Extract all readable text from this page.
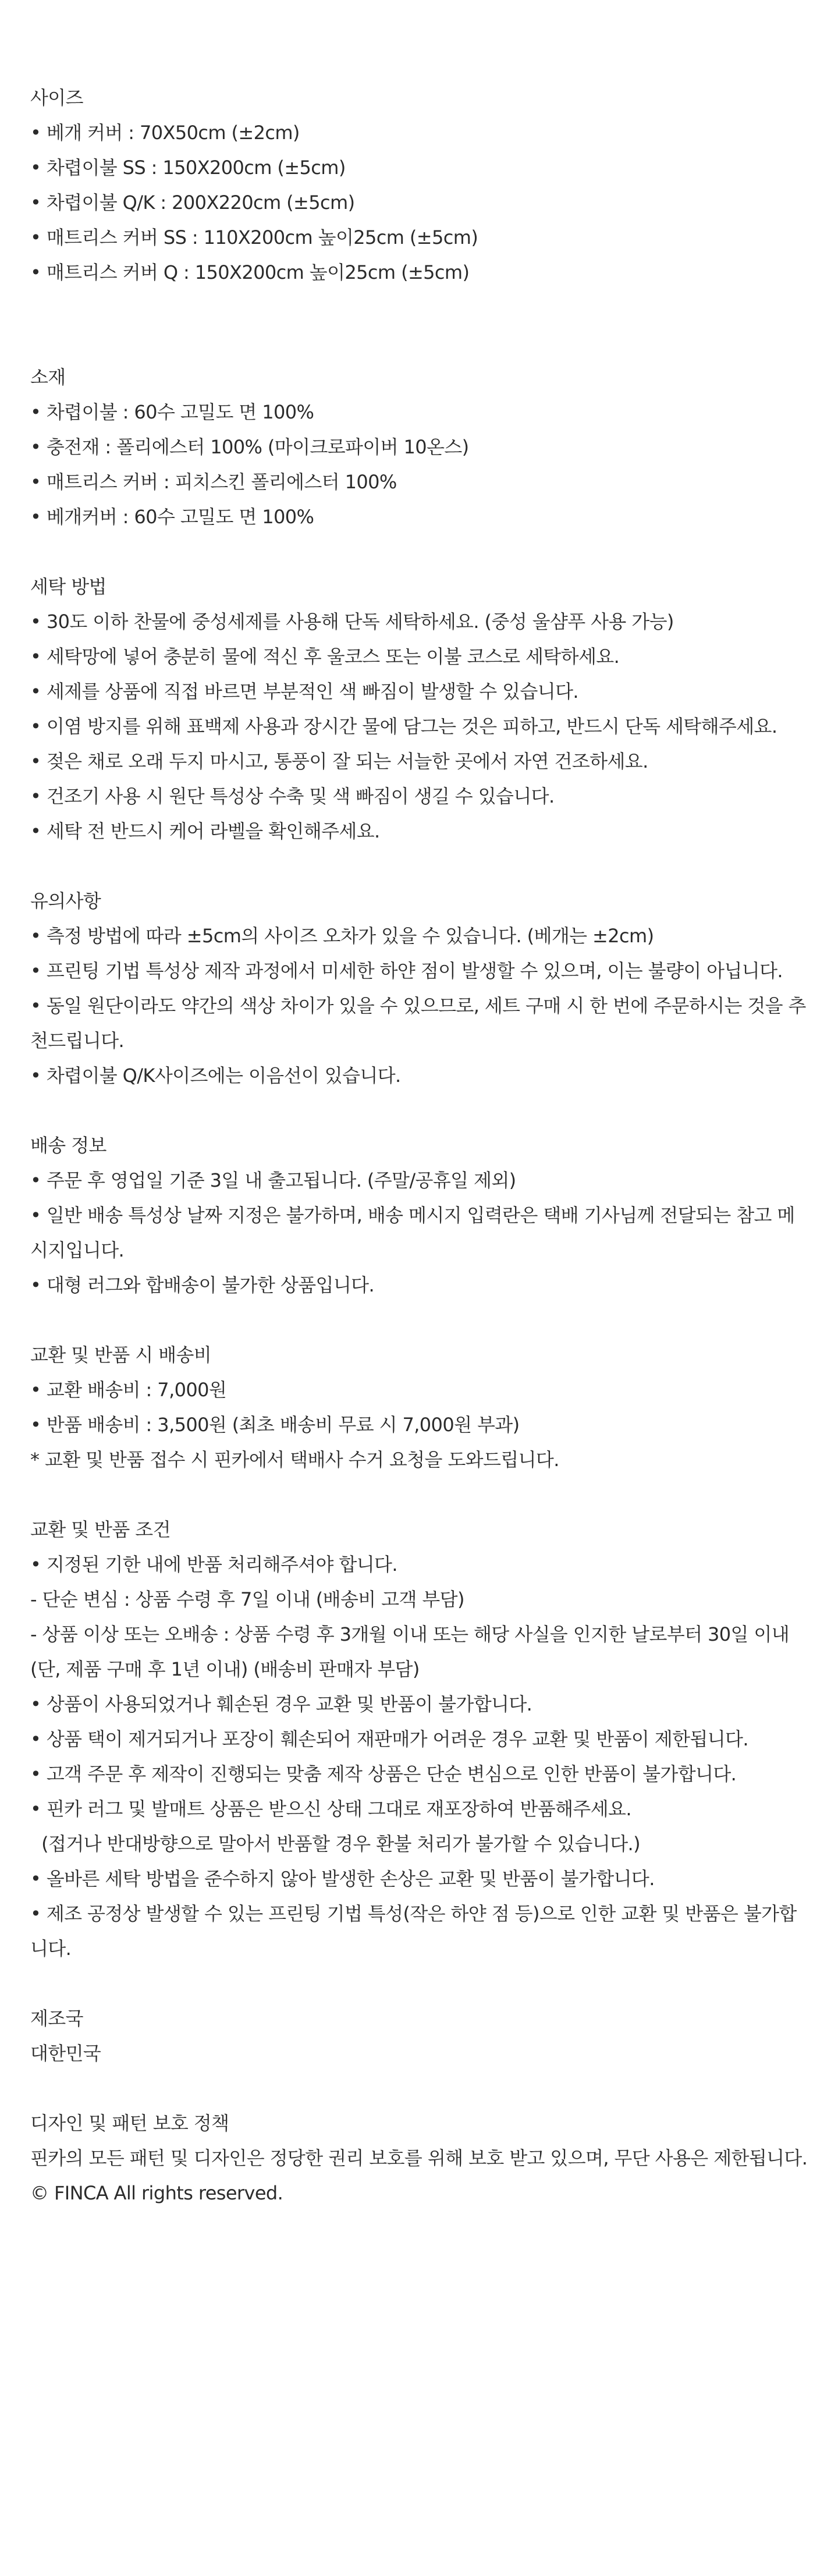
사이즈
• 베개 커버 : 70X50cm (±2cm)
• 차렵이불 SS : 150X200cm (±5cm)
• 차렵이불 Q/K : 200X220cm (±5cm)
• 매트리스 커버 SS : 110X200cm 높이25cm (±5cm)
• 매트리스 커버 Q : 150X200cm 높이25cm (±5cm)
소재
• 차렵이불 : 60수 고밀도 면 100%
• 충전재 : 폴리에스터 100% (마이크로파이버 10온스)
• 매트리스 커버 : 피치스킨 폴리에스터 100%
• 베개커버 : 60수 고밀도 면 100%
세탁 방법
• 30도 이하 찬물에 중성세제를 사용해 단독 세탁하세요. (중성 울샴푸 사용 가능)
• 세탁망에 넣어 충분히 물에 적신 후 울코스 또는 이불 코스로 세탁하세요.
• 세제를 상품에 직접 바르면 부분적인 색 빠짐이 발생할 수 있습니다.
• 이염 방지를 위해 표백제 사용과 장시간 물에 담그는 것은 피하고, 반드시 단독 세탁해주세요.
• 젖은 채로 오래 두지 마시고, 통풍이 잘 되는 서늘한 곳에서 자연 건조하세요.
• 건조기 사용 시 원단 특성상 수축 및 색 빠짐이 생길 수 있습니다.
• 세탁 전 반드시 케어 라벨을 확인해주세요.
유의사항
• 측정 방법에 따라 ±5cm의 사이즈 오차가 있을 수 있습니다. (베개는 ±2cm)
• 프린팅 기법 특성상 제작 과정에서 미세한 하얀 점이 발생할 수 있으며, 이는 불량이 아닙니다.
• 동일 원단이라도 약간의 색상 차이가 있을 수 있으므로, 세트 구매 시 한 번에 주문하시는 것을 추천드립니다.
• 차렵이불 Q/K사이즈에는 이음선이 있습니다.
배송 정보
• 주문 후 영업일 기준 3일 내 출고됩니다. (주말/공휴일 제외)
• 일반 배송 특성상 날짜 지정은 불가하며, 배송 메시지 입력란은 택배 기사님께 전달되는 참고 메시지입니다.
• 대형 러그와 합배송이 불가한 상품입니다.
교환 및 반품 시 배송비
• 교환 배송비 : 7,000원
• 반품 배송비 : 3,500원 (최초 배송비 무료 시 7,000원 부과)
* 교환 및 반품 접수 시 핀카에서 택배사 수거 요청을 도와드립니다.
교환 및 반품 조건
• 지정된 기한 내에 반품 처리해주셔야 합니다.
- 단순 변심 : 상품 수령 후 7일 이내 (배송비 고객 부담)
- 상품 이상 또는 오배송 : 상품 수령 후 3개월 이내 또는 해당 사실을 인지한 날로부터 30일 이내
(단, 제품 구매 후 1년 이내) (배송비 판매자 부담)
• 상품이 사용되었거나 훼손된 경우 교환 및 반품이 불가합니다.
• 상품 택이 제거되거나 포장이 훼손되어 재판매가 어려운 경우 교환 및 반품이 제한됩니다.
• 고객 주문 후 제작이 진행되는 맞춤 제작 상품은 단순 변심으로 인한 반품이 불가합니다.
• 핀카 러그 및 발매트 상품은 받으신 상태 그대로 재포장하여 반품해주세요.
(접거나 반대방향으로 말아서 반품할 경우 환불 처리가 불가할 수 있습니다.)
• 올바른 세탁 방법을 준수하지 않아 발생한 손상은 교환 및 반품이 불가합니다.
• 제조 공정상 발생할 수 있는 프린팅 기법 특성(작은 하얀 점 등)으로 인한 교환 및 반품은 불가합니다.
제조국
대한민국
디자인 및 패턴 보호 정책
핀카의 모든 패턴 및 디자인은 정당한 권리 보호를 위해 보호 받고 있으며, 무단 사용은 제한됩니다.
© FINCA All rights reserved.
